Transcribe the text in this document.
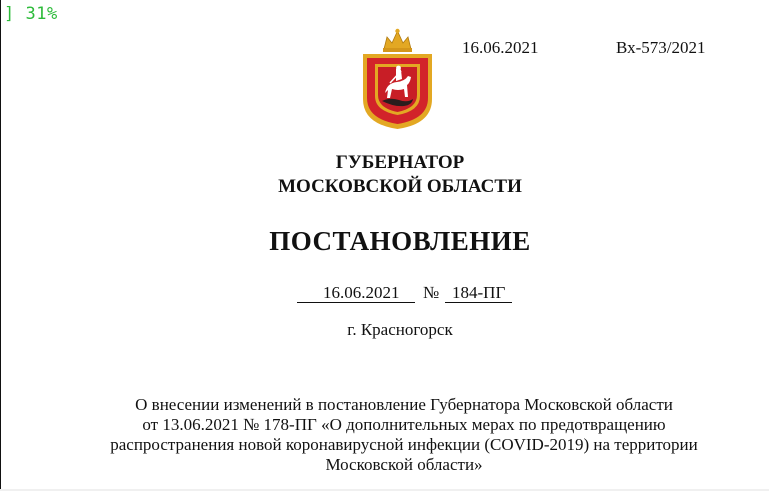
] 31%
16.06.2021	Вх-573/2021
ГУБЕРНАТОР
МОСКОВСКОЙ ОБЛАСТИ
ПОСТАНОВЛЕНИЕ
16.06.2021 № 184-ПГ
г. Красногорск
О внесении изменений в постановление Губернатора Московской области
от 13.06.2021 № 178-ПГ «О дополнительных мерах по предотвращению
распространения новой коронавирусной инфекции (COVID-2019) на территории
Московской области»
